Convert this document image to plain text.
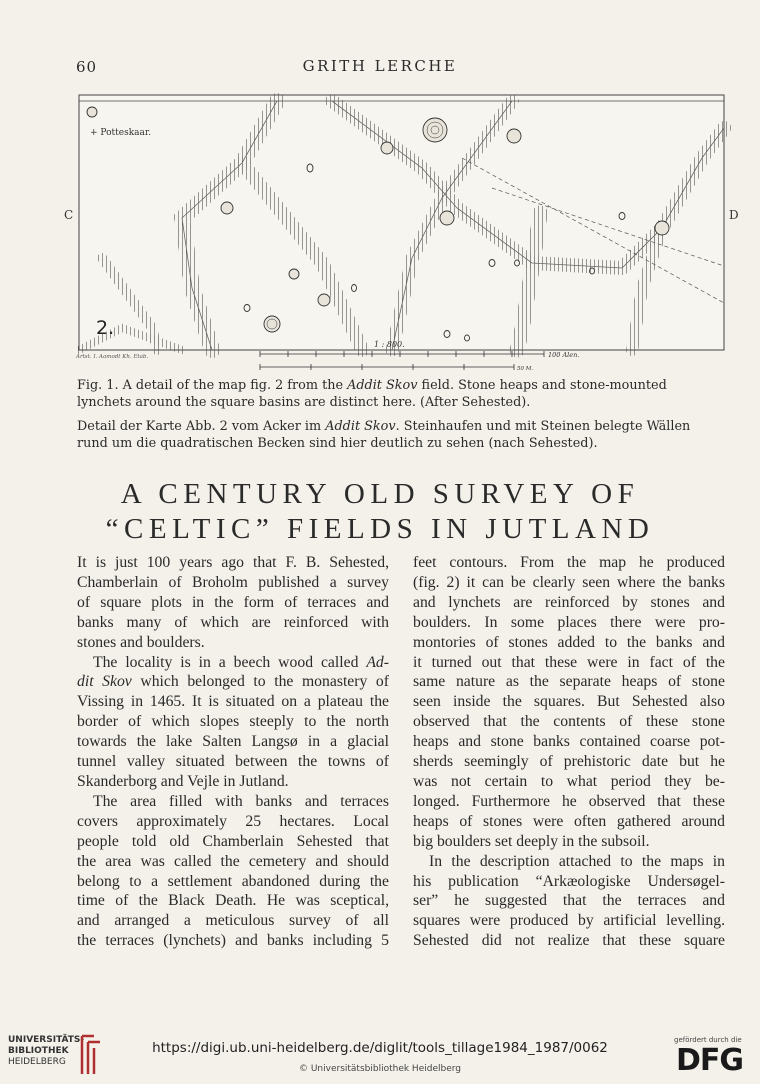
60	GRITH LERCHE
+ Potteskaar.
C	D
2.
1 : 800.
Artst. I. Aamodt Kh. Etab.	100 Alen.
50 M.
Fig. 1. A detail of the map fig. 2 from the Addit Skov field. Stone heaps and stone-mounted lynchets around the square basins are distinct here. (After Sehested).
Detail der Karte Abb. 2 vom Acker im Addit Skov. Steinhaufen und mit Steinen belegte Wällen rund um die quadratischen Becken sind hier deutlich zu sehen (nach Sehested).
A CENTURY OLD SURVEY OF
“CELTIC” FIELDS IN JUTLAND

It is just 100 years ago that F. B. Sehested,
Chamberlain of Broholm published a survey
of square plots in the form of terraces and
banks many of which are reinforced with
stones and boulders.

The locality is in a beech wood called Ad-
dit Skov which belonged to the monastery of
Vissing in 1465. It is situated on a plateau the
border of which slopes steeply to the north
towards the lake Salten Langsø in a glacial
tunnel valley situated between the towns of
Skanderborg and Vejle in Jutland.

The area filled with banks and terraces
covers approximately 25 hectares. Local
people told old Chamberlain Sehested that
the area was called the cemetery and should
belong to a settlement abandoned during the
time of the Black Death. He was sceptical,
and arranged a meticulous survey of all
the terraces (lynchets) and banks including 5

feet contours. From the map he produced
(fig. 2) it can be clearly seen where the banks
and lynchets are reinforced by stones and
boulders. In some places there were pro-
montories of stones added to the banks and
it turned out that these were in fact of the
same nature as the separate heaps of stone
seen inside the squares. But Sehested also
observed that the contents of these stone
heaps and stone banks contained coarse pot-
sherds seemingly of prehistoric date but he
was not certain to what period they be-
longed. Furthermore he observed that these
heaps of stones were often gathered around
big boulders set deeply in the subsoil.

In the description attached to the maps in
his publication “Arkæologiske Undersøgel-
ser” he suggested that the terraces and
squares were produced by artificial levelling.
Sehested did not realize that these square

UNIVERSITÄTS-
BIBLIOTHEK
HEIDELBERG
https://digi.ub.uni-heidelberg.de/diglit/tools_tillage1984_1987/0062
© Universitätsbibliothek Heidelberg
gefördert durch die
DFG
